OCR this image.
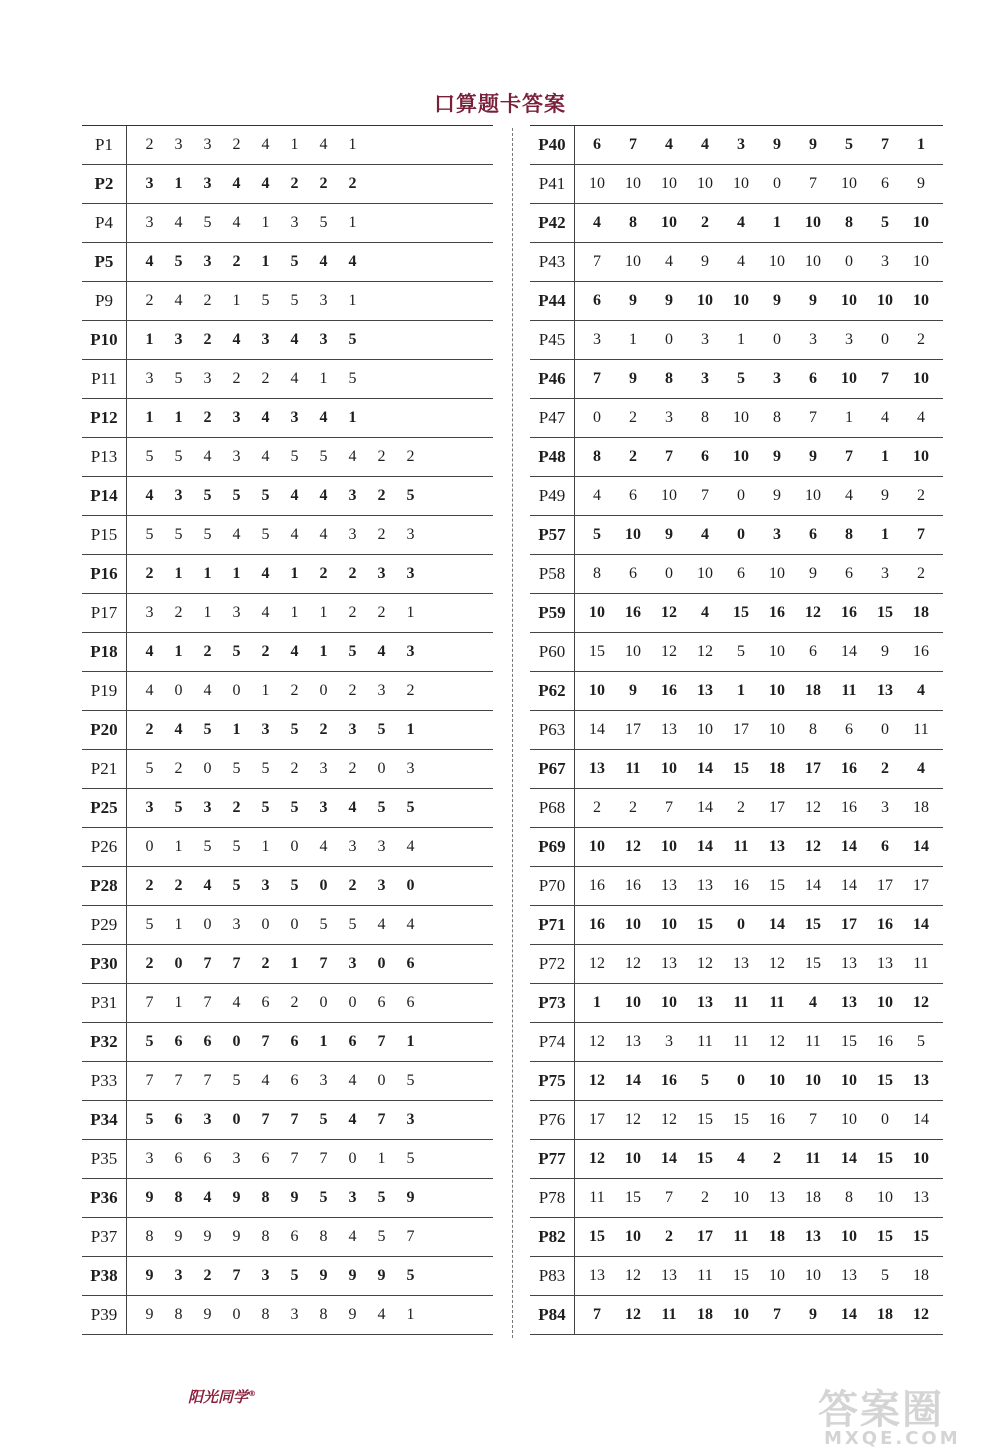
口算题卡答案
P1	2	3	3	2	4	1	4	1
P2	3	1	3	4	4	2	2	2
P4	3	4	5	4	1	3	5	1
P5	4	5	3	2	1	5	4	4
P9	2	4	2	1	5	5	3	1
P10	1	3	2	4	3	4	3	5
P11	3	5	3	2	2	4	1	5
P12	1	1	2	3	4	3	4	1
P13	5	5	4	3	4	5	5	4	2	2
P14	4	3	5	5	5	4	4	3	2	5
P15	5	5	5	4	5	4	4	3	2	3
P16	2	1	1	1	4	1	2	2	3	3
P17	3	2	1	3	4	1	1	2	2	1
P18	4	1	2	5	2	4	1	5	4	3
P19	4	0	4	0	1	2	0	2	3	2
P20	2	4	5	1	3	5	2	3	5	1
P21	5	2	0	5	5	2	3	2	0	3
P25	3	5	3	2	5	5	3	4	5	5
P26	0	1	5	5	1	0	4	3	3	4
P28	2	2	4	5	3	5	0	2	3	0
P29	5	1	0	3	0	0	5	5	4	4
P30	2	0	7	7	2	1	7	3	0	6
P31	7	1	7	4	6	2	0	0	6	6
P32	5	6	6	0	7	6	1	6	7	1
P33	7	7	7	5	4	6	3	4	0	5
P34	5	6	3	0	7	7	5	4	7	3
P35	3	6	6	3	6	7	7	0	1	5
P36	9	8	4	9	8	9	5	3	5	9
P37	8	9	9	9	8	6	8	4	5	7
P38	9	3	2	7	3	5	9	9	9	5
P39	9	8	9	0	8	3	8	9	4	1
P40	6	7	4	4	3	9	9	5	7	1
P41	10	10	10	10	10	0	7	10	6	9
P42	4	8	10	2	4	1	10	8	5	10
P43	7	10	4	9	4	10	10	0	3	10
P44	6	9	9	10	10	9	9	10	10	10
P45	3	1	0	3	1	0	3	3	0	2
P46	7	9	8	3	5	3	6	10	7	10
P47	0	2	3	8	10	8	7	1	4	4
P48	8	2	7	6	10	9	9	7	1	10
P49	4	6	10	7	0	9	10	4	9	2
P57	5	10	9	4	0	3	6	8	1	7
P58	8	6	0	10	6	10	9	6	3	2
P59	10	16	12	4	15	16	12	16	15	18
P60	15	10	12	12	5	10	6	14	9	16
P62	10	9	16	13	1	10	18	11	13	4
P63	14	17	13	10	17	10	8	6	0	11
P67	13	11	10	14	15	18	17	16	2	4
P68	2	2	7	14	2	17	12	16	3	18
P69	10	12	10	14	11	13	12	14	6	14
P70	16	16	13	13	16	15	14	14	17	17
P71	16	10	10	15	0	14	15	17	16	14
P72	12	12	13	12	13	12	15	13	13	11
P73	1	10	10	13	11	11	4	13	10	12
P74	12	13	3	11	11	12	11	15	16	5
P75	12	14	16	5	0	10	10	10	15	13
P76	17	12	12	15	15	16	7	10	0	14
P77	12	10	14	15	4	2	11	14	15	10
P78	11	15	7	2	10	13	18	8	10	13
P82	15	10	2	17	11	18	13	10	15	15
P83	13	12	13	11	15	10	10	13	5	18
P84	7	12	11	18	10	7	9	14	18	12
阳光同学®	答案圈
MXQE.COM
